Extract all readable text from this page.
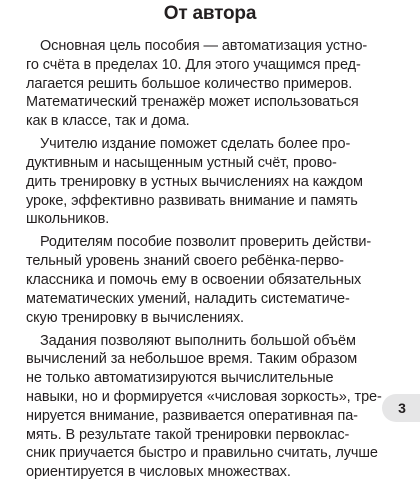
От автора

Основная цель пособия — автоматизация устно-
го счёта в пределах 10. Для этого учащимся пред-
лагается решить большое количество примеров.
Математический тренажёр может использоваться
как в классе, так и дома.

Учителю издание поможет сделать более про-
дуктивным и насыщенным устный счёт, прово-
дить тренировку в устных вычислениях на каждом
уроке, эффективно развивать внимание и память
школьников.

Родителям пособие позволит проверить действи-
тельный уровень знаний своего ребёнка-перво-
классника и помочь ему в освоении обязательных
математических умений, наладить систематиче-
скую тренировку в вычислениях.

Задания позволяют выполнить большой объём
вычислений за небольшое время. Таким образом
не только автоматизируются вычислительные
навыки, но и формируется «числовая зоркость», тре-
нируется внимание, развивается оперативная па-
мять. В результате такой тренировки первоклас-
сник приучается быстро и правильно считать, лучше
ориентируется в числовых множествах.

3
